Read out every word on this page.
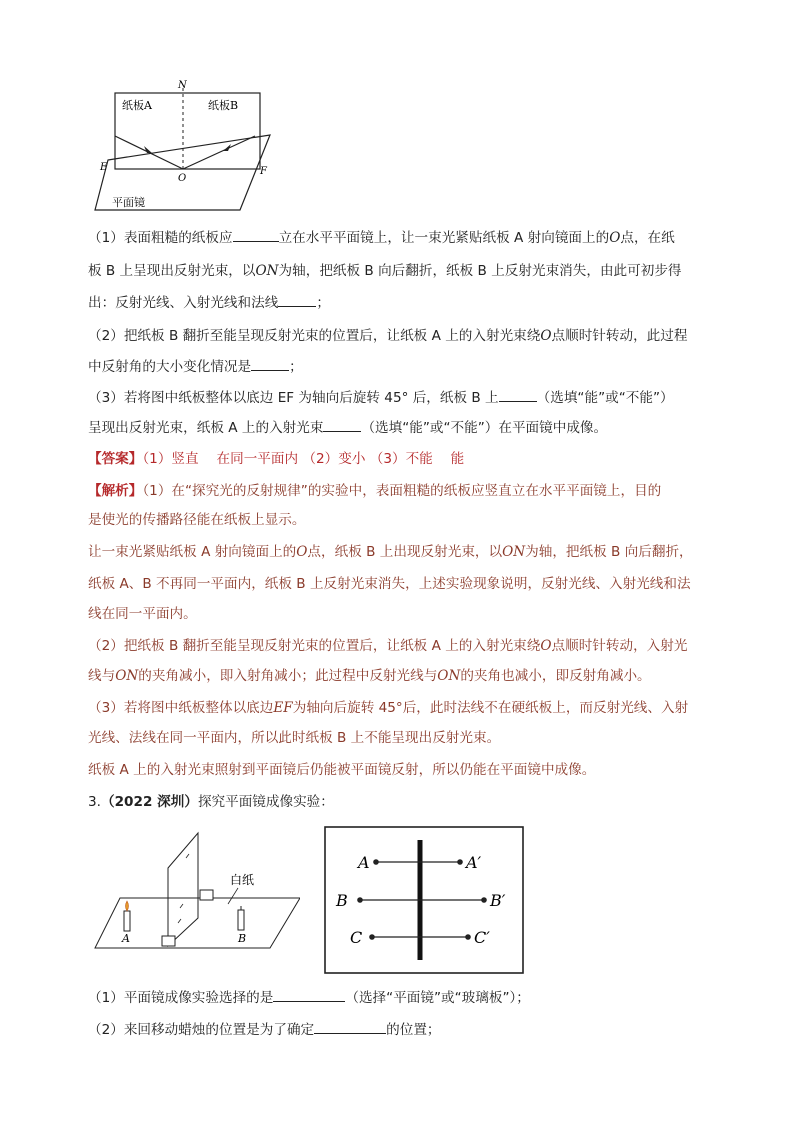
N
纸板A	纸板B
E
O
F
平面镜
（1）表面粗糙的纸板应	立在水平平面镜上，让一束光紧贴纸板 A 射向镜面上的O点，在纸
板 B 上呈现出反射光束，以ON为轴，把纸板 B 向后翻折，纸板 B 上反射光束消失，由此可初步得
出：反射光线、入射光线和法线	；
（2）把纸板 B 翻折至能呈现反射光束的位置后，让纸板 A 上的入射光束绕O点顺时针转动，此过程
中反射角的大小变化情况是	；
（3）若将图中纸板整体以底边 EF 为轴向后旋转 45° 后，纸板 B 上	（选填“能”或“不能”）
呈现出反射光束，纸板 A 上的入射光束	（选填“能”或“不能”）在平面镜中成像。
【答案】（1）竖直　 在同一平面内 （2）变小 （3）不能　 能
【解析】（1）在“探究光的反射规律”的实验中，表面粗糙的纸板应竖直立在水平平面镜上，目的
是使光的传播路径能在纸板上显示。
让一束光紧贴纸板 A 射向镜面上的O点，纸板 B 上出现反射光束，以ON为轴，把纸板 B 向后翻折，
纸板 A、B 不再同一平面内，纸板 B 上反射光束消失，上述实验现象说明，反射光线、入射光线和法
线在同一平面内。
（2）把纸板 B 翻折至能呈现反射光束的位置后，让纸板 A 上的入射光束绕O点顺时针转动，入射光
线与ON的夹角减小，即入射角减小；此过程中反射光线与ON的夹角也减小，即反射角减小。
（3）若将图中纸板整体以底边EF为轴向后旋转 45°后，此时法线不在硬纸板上，而反射光线、入射
光线、法线在同一平面内，所以此时纸板 B 上不能呈现出反射光束。
纸板 A 上的入射光束照射到平面镜后仍能被平面镜反射，所以仍能在平面镜中成像。
3.（2022 深圳）探究平面镜成像实验：
白纸
A	B
A	A′
B	B′
C	C′
（1）平面镜成像实验选择的是	（选择“平面镜”或“玻璃板”）；
（2）来回移动蜡烛的位置是为了确定	的位置；
